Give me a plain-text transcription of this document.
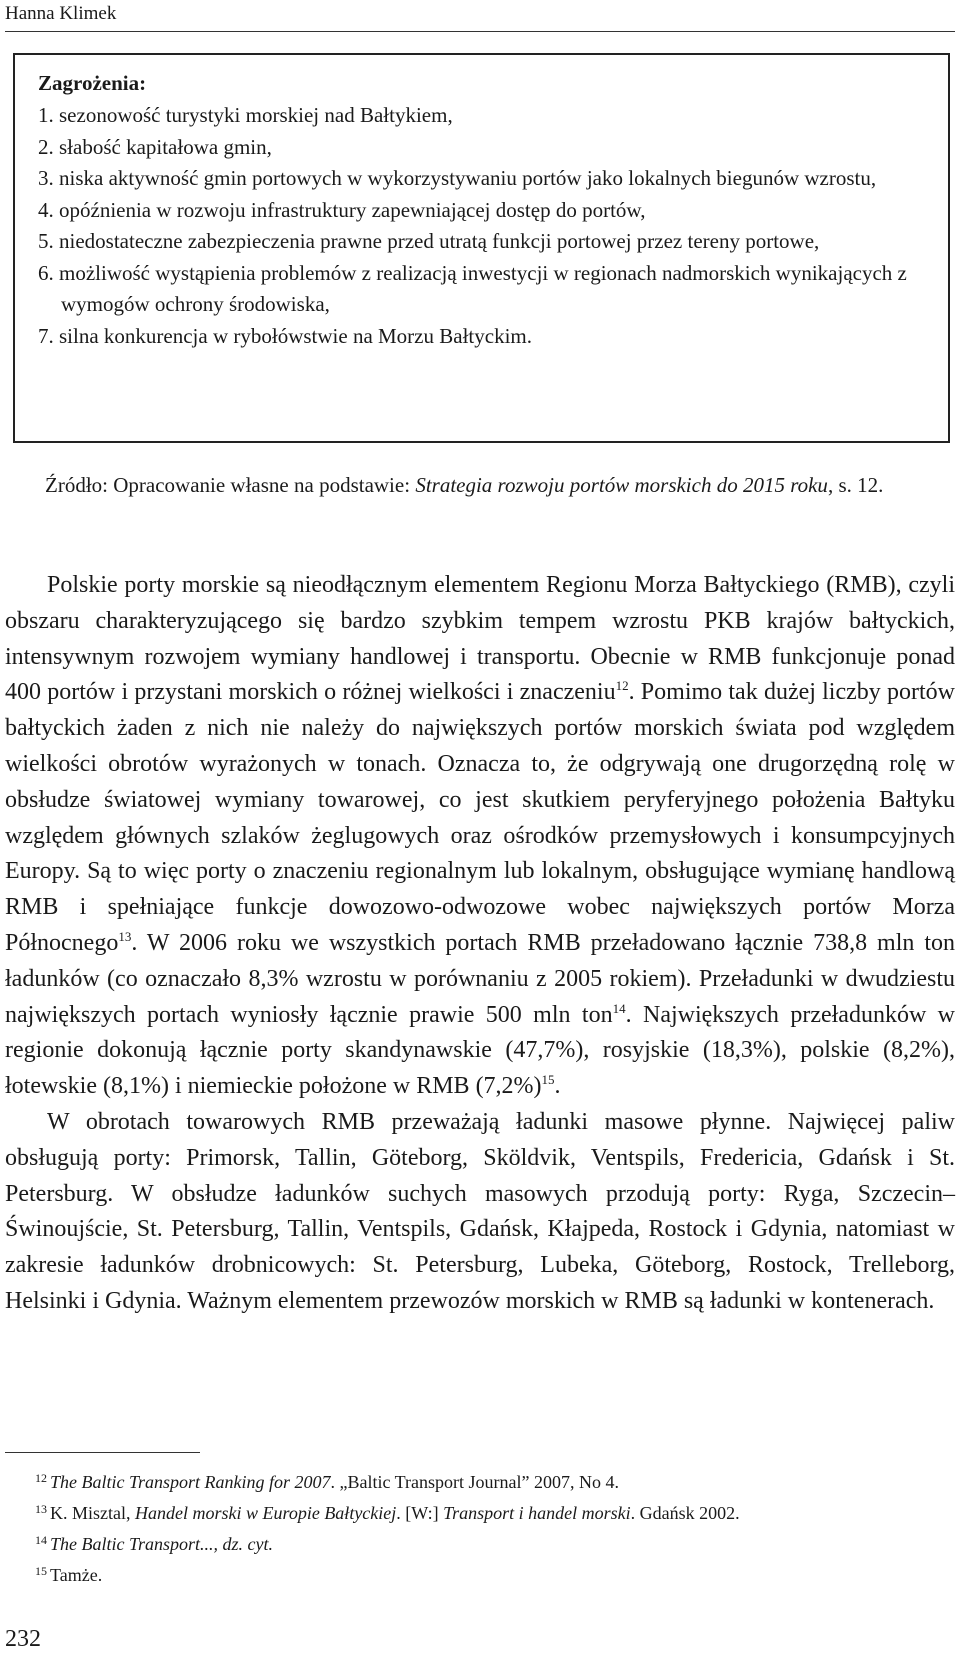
Hanna Klimek
Zagrożenia:
1. sezonowość turystyki morskiej nad Bałtykiem,
2. słabość kapitałowa gmin,
3. niska aktywność gmin portowych w wykorzystywaniu portów jako lokalnych biegunów wzrostu,
4. opóźnienia w rozwoju infrastruktury zapewniającej dostęp do portów,
5. niedostateczne zabezpieczenia prawne przed utratą funkcji portowej przez tereny portowe,
6. możliwość wystąpienia problemów z realizacją inwestycji w regionach nadmorskich wynikających z wymogów ochrony środowiska,
7. silna konkurencja w rybołówstwie na Morzu Bałtyckim.
Źródło: Opracowanie własne na podstawie: Strategia rozwoju portów morskich do 2015 roku, s. 12.

Polskie porty morskie są nieodłącznym elementem Regionu Morza Bałtyckiego (RMB), czyli obszaru charakteryzującego się bardzo szybkim tempem wzrostu PKB krajów bałtyckich, intensywnym rozwojem wymiany handlowej i transportu. Obecnie w RMB funkcjonuje ponad 400 portów i przystani morskich o różnej wielkości i znaczeniu$^{12}$. Pomimo tak dużej liczby portów bałtyckich żaden z nich nie należy do największych portów morskich świata pod względem wielkości obrotów wyrażonych w tonach. Oznacza to, że odgrywają one drugorzędną rolę w obsłudze światowej wymiany towarowej, co jest skutkiem peryferyjnego położenia Bałtyku względem głównych szlaków żeglugowych oraz ośrodków przemysłowych i konsumpcyjnych Europy. Są to więc porty o znaczeniu regionalnym lub lokalnym, obsługujące wymianę handlową RMB i spełniające funkcje dowozowo-odwozowe wobec największych portów Morza Północnego$^{13}$. W 2006 roku we wszystkich portach RMB przeładowano łącznie 738,8 mln ton ładunków (co oznaczało 8,3% wzrostu w porównaniu z 2005 rokiem). Przeładunki w dwudziestu największych portach wyniosły łącznie prawie 500 mln ton$^{14}$. Największych przeładunków w regionie dokonują łącznie porty skandynawskie (47,7%), rosyjskie (18,3%), polskie (8,2%), łotewskie (8,1%) i niemieckie położone w RMB $(7,2\%)^{15}$.

W obrotach towarowych RMB przeważają ładunki masowe płynne. Najwięcej paliw obsługują porty: Primorsk, Tallin, Göteborg, Sköldvik, Ventspils, Fredericia, Gdańsk i St. Petersburg. W obsłudze ładunków suchych masowych przodują porty: Ryga, Szczecin–Świnoujście, St. Petersburg, Tallin, Ventspils, Gdańsk, Kłajpeda, Rostock i Gdynia, natomiast w zakresie ładunków drobnicowych: St. Petersburg, Lubeka, Göteborg, Rostock, Trelleborg, Helsinki i Gdynia. Ważnym elementem przewozów morskich w RMB są ładunki w kontenerach.

$^{12}$ The Baltic Transport Ranking for 2007. „Baltic Transport Journal” 2007, No 4.
$^{13}$ K. Misztal, Handel morski w Europie Bałtyckiej. [W:] Transport i handel morski. Gdańsk 2002.
$^{14}$ The Baltic Transport..., dz. cyt.
$^{15}$ Tamże.
232
